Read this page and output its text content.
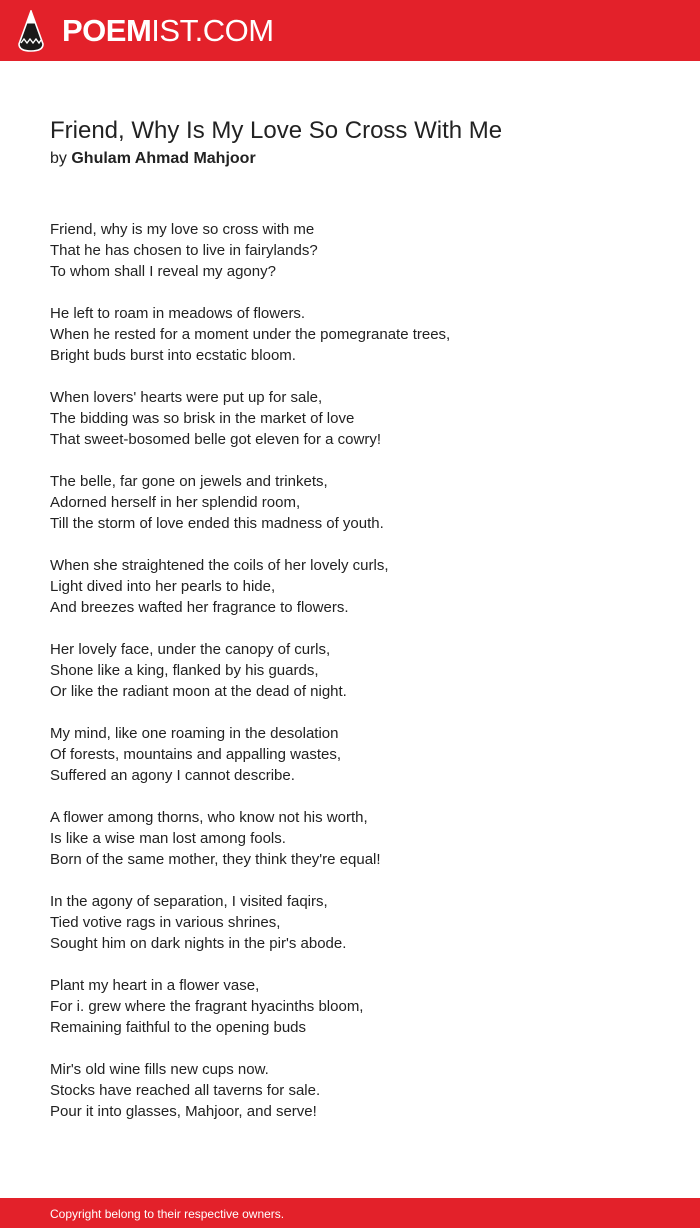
POEMIST.COM
Friend, Why Is My Love So Cross With Me
by Ghulam Ahmad Mahjoor
Friend, why is my love so cross with me
That he has chosen to live in fairylands?
To whom shall I reveal my agony?
He left to roam in meadows of flowers.
When he rested for a moment under the pomegranate trees,
Bright buds burst into ecstatic bloom.
When lovers' hearts were put up for sale,
The bidding was so brisk in the market of love
That sweet-bosomed belle got eleven for a cowry!
The belle, far gone on jewels and trinkets,
Adorned herself in her splendid room,
Till the storm of love ended this madness of youth.
When she straightened the coils of her lovely curls,
Light dived into her pearls to hide,
And breezes wafted her fragrance to flowers.
Her lovely face, under the canopy of curls,
Shone like a king, flanked by his guards,
Or like the radiant moon at the dead of night.
My mind, like one roaming in the desolation
Of forests, mountains and appalling wastes,
Suffered an agony I cannot describe.
A flower among thorns, who know not his worth,
Is like a wise man lost among fools.
Born of the same mother, they think they're equal!
In the agony of separation, I visited faqirs,
Tied votive rags in various shrines,
Sought him on dark nights in the pir's abode.
Plant my heart in a flower vase,
For i. grew where the fragrant hyacinths bloom,
Remaining faithful to the opening buds
Mir's old wine fills new cups now.
Stocks have reached all taverns for sale.
Pour it into glasses, Mahjoor, and serve!
Copyright belong to their respective owners.
